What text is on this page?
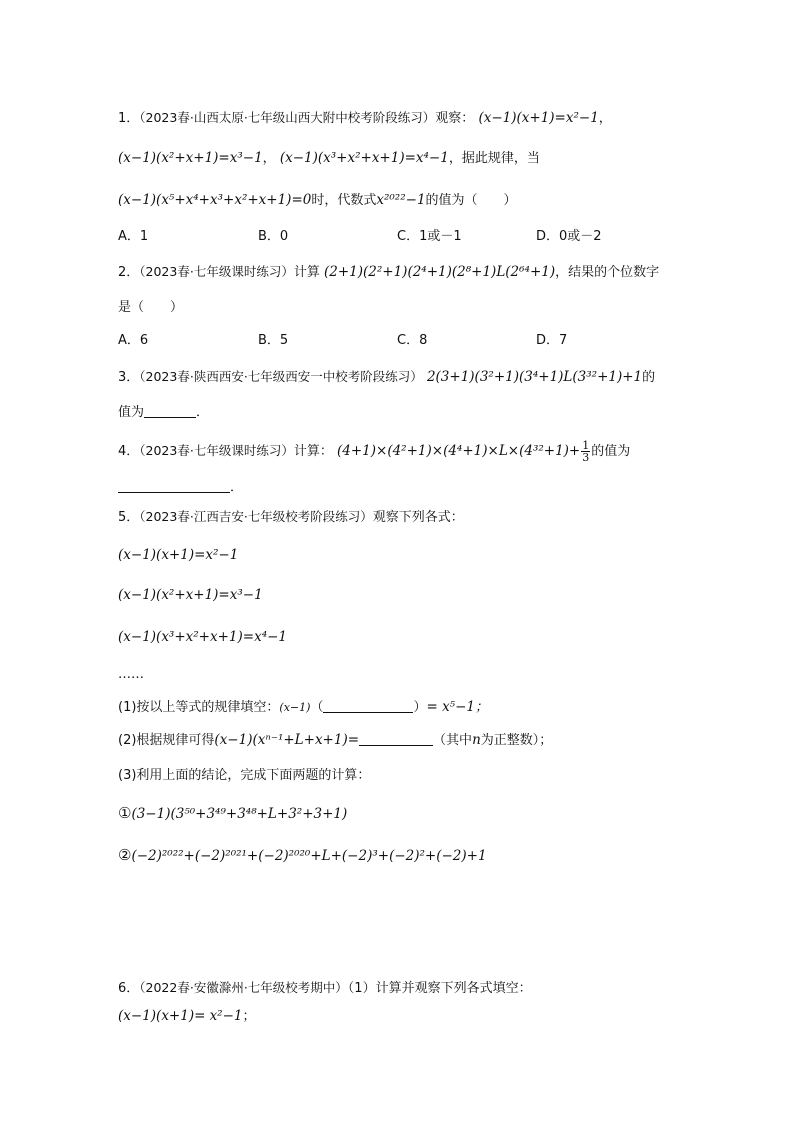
1．（2023春·山西太原·七年级山西大附中校考阶段练习）观察： (x−1)(x+1)=x²−1，
(x−1)(x²+x+1)=x³−1， (x−1)(x³+x²+x+1)=x⁴−1，据此规律，当
(x−1)(x⁵+x⁴+x³+x²+x+1)=0时，代数式x²⁰²²−1的值为（　　）
A．1	B．0	C．1或－1	D．0或－2
2．（2023春·七年级课时练习）计算 (2+1)(2²+1)(2⁴+1)(2⁸+1)L(2⁶⁴+1)，结果的个位数字
是（　　）
A．6	B．5	C．8	D．7
3．（2023春·陕西西安·七年级西安一中校考阶段练习） 2(3+1)(3²+1)(3⁴+1)L(3³²+1)+1的
值为	．
4．（2023春·七年级课时练习）计算： $(4+1)\times(4^2+1)\times(4^4+1)\times L\times(4^{32}+1)+ \frac{1}{3}$ 的值为
．
5．（2023春·江西吉安·七年级校考阶段练习）观察下列各式：
(x−1)(x+1)=x²−1
(x−1)(x²+x+1)=x³−1
(x−1)(x³+x²+x+1)=x⁴−1
……
(1)按以上等式的规律填空：(x−1)（	）= x⁵−1；
(2)根据规律可得(x−1)(xⁿ⁻¹+L+x+1)=	（其中n为正整数）；
(3)利用上面的结论，完成下面两题的计算：
①(3−1)(3⁵⁰+3⁴⁹+3⁴⁸+L+3²+3+1)
②(−2)²⁰²²+(−2)²⁰²¹+(−2)²⁰²⁰+L+(−2)³+(−2)²+(−2)+1
6．（2022春·安徽滁州·七年级校考期中）（1）计算并观察下列各式填空：
(x−1)(x+1)= x²−1；
